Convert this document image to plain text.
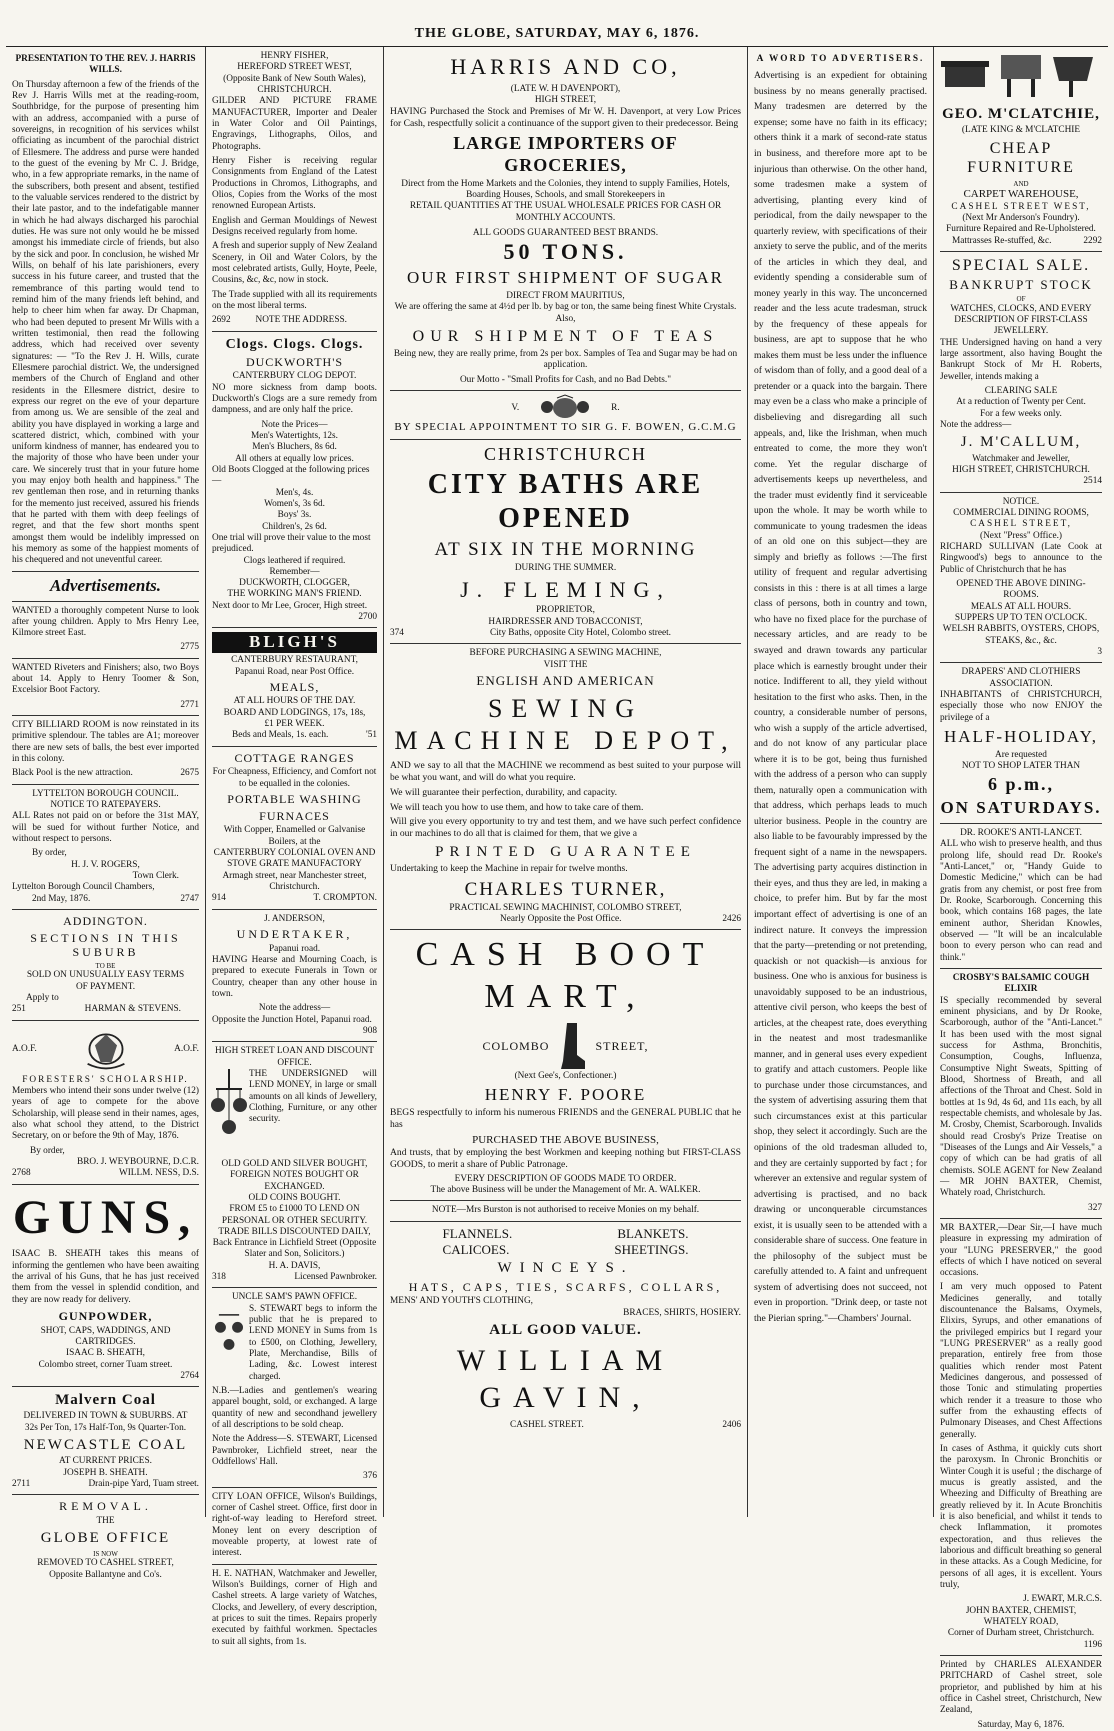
THE GLOBE, SATURDAY, MAY 6, 1876.
PRESENTATION TO THE REV. J. HARRIS WILLS.

On Thursday afternoon a few of the friends of the Rev J. Harris Wills met at the reading-room, Southbridge, for the purpose of presenting him with an address, accompanied with a purse of sovereigns, in recognition of his services whilst officiating as incumbent of the parochial district of Ellesmere. The address and purse were handed to the guest of the evening by Mr C. J. Bridge, who, in a few appropriate remarks, in the name of the subscribers, both present and absent, testified to the valuable services rendered to the district by their late pastor, and to the indefatigable manner in which he had always discharged his parochial duties. He was sure not only would he be missed amongst his immediate circle of friends, but also by the sick and poor. In conclusion, he wished Mr Wills, on behalf of his late parishioners, every success in his future career, and trusted that the remembrance of this parting would tend to remind him of the many friends left behind, and help to cheer him when far away. Dr Chapman, who had been deputed to present Mr Wills with a written testimonial, then read the following address, which had received over seventy signatures: — "To the Rev J. H. Wills, curate Ellesmere parochial district. We, the undersigned members of the Church of England and other residents in the Ellesmere district, desire to express our regret on the eve of your departure from among us. We are sensible of the zeal and ability you have displayed in working a large and scattered district, which, combined with your uniform kindness of manner, has endeared you to the majority of those who have been under your care. We sincerely trust that in your future home you may enjoy both health and happiness." The rev gentleman then rose, and in returning thanks for the memento just received, assured his friends that he parted with them with deep feelings of regret, and that the few short months spent amongst them would be indelibly impressed on his memory as some of the happiest moments of his chequered and not uneventful career.

Advertisements.

WANTED a thoroughly competent Nurse to look after young children. Apply to Mrs Henry Lee, Kilmore street East.

2775

WANTED Riveters and Finishers; also, two Boys about 14. Apply to Henry Toomer & Son, Excelsior Boot Factory.

2771

CITY BILLIARD ROOM is now reinstated in its primitive splendour. The tables are A1; moreover there are new sets of balls, the best ever imported in this colony.

Black Pool is the new attraction.	2675
LYTTELTON BOROUGH COUNCIL.
NOTICE TO RATEPAYERS.

ALL Rates not paid on or before the 31st MAY, will be sued for without further Notice, and without respect to persons.

By order,
H. J. V. ROGERS,
Town Clerk.
Lyttelton Borough Council Chambers,
2nd May, 1876.	2747
ADDINGTON.
SECTIONS IN THIS SUBURB
TO BE
SOLD ON UNUSUALLY EASY TERMS
OF PAYMENT.
Apply to
251	HARMAN & STEVENS.
A.O.F.	A.O.F.
FORESTERS' SCHOLARSHIP.

Members who intend their sons under twelve (12) years of age to compete for the above Scholarship, will please send in their names, ages, also what school they attend, to the District Secretary, on or before the 9th of May, 1876.

By order,
BRO. J. WEYBOURNE, D.C.R.
2768	WILLM. NESS, D.S.
GUNS,

ISAAC B. SHEATH takes this means of informing the gentlemen who have been awaiting the arrival of his Guns, that he has just received them from the vessel in splendid condition, and they are now ready for delivery.

GUNPOWDER,
SHOT, CAPS, WADDINGS, AND CARTRIDGES.
ISAAC B. SHEATH,
Colombo street, corner Tuam street.
2764
Malvern Coal
DELIVERED IN TOWN & SUBURBS. AT
32s Per Ton, 17s Half-Ton, 9s Quarter-Ton.
NEWCASTLE COAL
AT CURRENT PRICES.
JOSEPH B. SHEATH.
2711	Drain-pipe Yard, Tuam street.
REMOVAL.
THE
GLOBE OFFICE
IS NOW
REMOVED TO CASHEL STREET,
Opposite Ballantyne and Co's.
HENRY FISHER,
HEREFORD STREET WEST,
(Opposite Bank of New South Wales),
CHRISTCHURCH.

GILDER AND PICTURE FRAME MANUFACTURER, Importer and Dealer in Water Color and Oil Paintings, Engravings, Lithographs, Oilos, and Photographs.

Henry Fisher is receiving regular Consignments from England of the Latest Productions in Chromos, Lithographs, and Olios, Copies from the Works of the most renowned European Artists.

English and German Mouldings of Newest Designs received regularly from home.

A fresh and superior supply of New Zealand Scenery, in Oil and Water Colors, by the most celebrated artists, Gully, Hoyte, Peele, Cousins, &c, &c, now in stock.

The Trade supplied with all its requirements on the most liberal terms.

2692	NOTE THE ADDRESS.
Clogs. Clogs. Clogs.
DUCKWORTH'S
CANTERBURY CLOG DEPOT.

NO more sickness from damp boots. Duckworth's Clogs are a sure remedy from dampness, and are only half the price.

Note the Prices—
Men's Watertights, 12s.
Men's Bluchers, 8s 6d.
All others at equally low prices.
Old Boots Clogged at the following prices—
Men's, 4s.
Women's, 3s 6d.
Boys' 3s.
Children's, 2s 6d.
One trial will prove their value to the most prejudiced.
Clogs leathered if required.
Remember—
DUCKWORTH, CLOGGER,
THE WORKING MAN'S FRIEND.
Next door to Mr Lee, Grocer, High street.
2700
BLIGH'S
CANTERBURY RESTAURANT,
Papanui Road, near Post Office.
MEALS,
AT ALL HOURS OF THE DAY.
BOARD AND LODGINGS, 17s, 18s,
£1 PER WEEK.
Beds and Meals, 1s. each.	'51
COTTAGE RANGES
For Cheapness, Efficiency, and Comfort not to be equalled in the colonies.
PORTABLE WASHING
FURNACES
With Copper, Enamelled or Galvanise Boilers, at the
CANTERBURY COLONIAL OVEN AND
STOVE GRATE MANUFACTORY
Armagh street, near Manchester street, Christchurch.
914	T. CROMPTON.
J. ANDERSON,
UNDERTAKER,
Papanui road.

HAVING Hearse and Mourning Coach, is prepared to execute Funerals in Town or Country, cheaper than any other house in town.

Note the address—
Opposite the Junction Hotel, Papanui road.
908
HIGH STREET LOAN AND DISCOUNT OFFICE.

THE UNDERSIGNED will LEND MONEY, in large or small amounts on all kinds of Jewellery, Clothing, Furniture, or any other security.

OLD GOLD AND SILVER BOUGHT, FOREIGN NOTES BOUGHT OR EXCHANGED.
OLD COINS BOUGHT.
FROM £5 to £1000 TO LEND ON PERSONAL OR OTHER SECURITY.
TRADE BILLS DISCOUNTED DAILY,
Back Entrance in Lichfield Street (Opposite Slater and Son, Solicitors.)
H. A. DAVIS,
318	Licensed Pawnbroker.
UNCLE SAM'S PAWN OFFICE.

S. STEWART begs to inform the public that he is prepared to LEND MONEY in Sums from 1s to £500, on Clothing, Jewellery, Plate, Merchandise, Bills of Lading, &c. Lowest interest charged.

N.B.—Ladies and gentlemen's wearing apparel bought, sold, or exchanged. A large quantity of new and secondhand jewellery of all descriptions to be sold cheap.

Note the Address—S. STEWART, Licensed Pawnbroker, Lichfield street, near the Oddfellows' Hall.

376

CITY LOAN OFFICE, Wilson's Buildings, corner of Cashel street. Office, first door in right-of-way leading to Hereford street. Money lent on every description of moveable property, at lowest rate of interest.

H. E. NATHAN, Watchmaker and Jeweller, Wilson's Buildings, corner of High and Cashel streets. A large variety of Watches, Clocks, and Jewellery, of every description, at prices to suit the times. Repairs properly executed by faithful workmen. Spectacles to suit all sights, from 1s.

HARRIS AND CO,
(LATE W. H DAVENPORT),
HIGH STREET,

HAVING Purchased the Stock and Premises of Mr W. H. Davenport, at very Low Prices for Cash, respectfully solicit a continuance of the support given to their predecessor. Being

LARGE IMPORTERS OF GROCERIES,
Direct from the Home Markets and the Colonies, they intend to supply Families, Hotels, Boarding Houses, Schools, and small Storekeepers in
RETAIL QUANTITIES AT THE USUAL WHOLESALE PRICES FOR CASH OR MONTHLY ACCOUNTS.
ALL GOODS GUARANTEED BEST BRANDS.
50 TONS.
OUR FIRST SHIPMENT OF SUGAR
DIRECT FROM MAURITIUS,
We are offering the same at 4½d per lb. by bag or ton, the same being finest White Crystals. Also,
OUR SHIPMENT OF TEAS
Being new, they are really prime, from 2s per box. Samples of Tea and Sugar may be had on application.
Our Motto - "Small Profits for Cash, and no Bad Debts."
V.	R.
BY SPECIAL APPOINTMENT TO SIR G. F. BOWEN, G.C.M.G
CHRISTCHURCH
CITY BATHS ARE OPENED
AT SIX IN THE MORNING
DURING THE SUMMER.
J. FLEMING,
PROPRIETOR,
HAIRDRESSER AND TOBACCONIST,
374	City Baths, opposite City Hotel, Colombo street.
BEFORE PURCHASING A SEWING MACHINE,
VISIT THE
ENGLISH AND AMERICAN
SEWING MACHINE DEPOT,

AND we say to all that the MACHINE we recommend as best suited to your purpose will be what you want, and will do what you require.

We will guarantee their perfection, durability, and capacity.

We will teach you how to use them, and how to take care of them.

Will give you every opportunity to try and test them, and we have such perfect confidence in our machines to do all that is claimed for them, that we give a

PRINTED GUARANTEE

Undertaking to keep the Machine in repair for twelve months.

CHARLES TURNER,
PRACTICAL SEWING MACHINIST, COLOMBO STREET,
Nearly Opposite the Post Office.	2426
CASH BOOT MART,
COLOMBO	STREET,
(Next Gee's, Confectioner.)
HENRY F. POORE

BEGS respectfully to inform his numerous FRIENDS and the GENERAL PUBLIC that he has

PURCHASED THE ABOVE BUSINESS,

And trusts, that by employing the best Workmen and keeping nothing but FIRST-CLASS GOODS, to merit a share of Public Patronage.

EVERY DESCRIPTION OF GOODS MADE TO ORDER.
The above Business will be under the Management of Mr. A. WALKER.
NOTE—Mrs Burston is not authorised to receive Monies on my behalf.
FLANNELS.	BLANKETS.
CALICOES.	SHEETINGS.
WINCEYS.
HATS, CAPS, TIES, SCARFS, COLLARS,
MENS' AND YOUTH'S CLOTHING,
BRACES, SHIRTS, HOSIERY.
ALL GOOD VALUE.
WILLIAM GAVIN,
CASHEL STREET.	2406
A WORD TO ADVERTISERS.

Advertising is an expedient for obtaining business by no means generally practised. Many tradesmen are deterred by the expense; some have no faith in its efficacy; others think it a mark of second-rate status in business, and therefore more apt to be injurious than otherwise. On the other hand, some tradesmen make a system of advertising, planting every kind of periodical, from the daily newspaper to the quarterly review, with specifications of their anxiety to serve the public, and of the merits of the articles in which they deal, and evidently spending a considerable sum of money yearly in this way. The unconcerned reader and the less acute tradesman, struck by the frequency of these appeals for business, are apt to suppose that he who makes them must be less under the influence of wisdom than of folly, and a good deal of a pretender or a quack into the bargain. There may even be a class who make a principle of disbelieving and disregarding all such appeals, and, like the Irishman, when much entreated to come, the more they won't come. Yet the regular discharge of advertisements keeps up nevertheless, and the trader must evidently find it serviceable upon the whole. It may be worth while to communicate to young tradesmen the ideas of an old one on this subject—they are simply and briefly as follows :—The first utility of frequent and regular advertising consists in this : there is at all times a large class of persons, both in country and town, who have no fixed place for the purchase of necessary articles, and are ready to be swayed and drawn towards any particular place which is earnestly brought under their notice. Indifferent to all, they yield without hesitation to the first who asks. Then, in the country, a considerable number of persons, who wish a supply of the article advertised, and do not know of any particular place where it is to be got, being thus furnished with the address of a person who can supply them, naturally open a communication with that address, which perhaps leads to much ulterior business. People in the country are also liable to be favourably impressed by the frequent sight of a name in the newspapers. The advertising party acquires distinction in their eyes, and thus they are led, in making a choice, to prefer him. But by far the most important effect of advertising is one of an indirect nature. It conveys the impression that the party—pretending or not pretending, quackish or not quackish—is anxious for business. One who is anxious for business is unavoidably supposed to be an industrious, attentive civil person, who keeps the best of articles, at the cheapest rate, does everything in the neatest and most tradesmanlike manner, and in general uses every expedient to gratify and attach customers. People like to purchase under those circumstances, and the system of advertising assuring them that such circumstances exist at this particular shop, they select it accordingly. Such are the opinions of the old tradesman alluded to, and they are certainly supported by fact ; for wherever an extensive and regular system of advertising is practised, and no back drawing or unconquerable circumstances exist, it is usually seen to be attended with a considerable share of success. One feature in the philosophy of the subject must be carefully attended to. A faint and unfrequent system of advertising does not succeed, not even in proportion. "Drink deep, or taste not the Pierian spring."—Chambers' Journal.

GEO. M'CLATCHIE,
(LATE KING & M'CLATCHIE
CHEAP FURNITURE
AND
CARPET WAREHOUSE,
CASHEL STREET WEST,
(Next Mr Anderson's Foundry).
Furniture Repaired and Re-Upholstered.
Mattrasses Re-stuffed, &c.	2292
SPECIAL SALE.
BANKRUPT STOCK
OF
WATCHES, CLOCKS, AND EVERY DESCRIPTION OF FIRST-CLASS JEWELLERY.

THE Undersigned having on hand a very large assortment, also having Bought the Bankrupt Stock of Mr H. Roberts, Jeweller, intends making a

CLEARING SALE
At a reduction of Twenty per Cent.
For a few weeks only.
Note the address—
J. M'CALLUM,
Watchmaker and Jeweller,
HIGH STREET, CHRISTCHURCH.
2514
NOTICE.
COMMERCIAL DINING ROOMS,
CASHEL STREET,
(Next "Press" Office.)

RICHARD SULLIVAN (Late Cook at Ringwood's) begs to announce to the Public of Christchurch that he has

OPENED THE ABOVE DINING-ROOMS.
MEALS AT ALL HOURS.
SUPPERS UP TO TEN O'CLOCK.
WELSH RABBITS, OYSTERS, CHOPS, STEAKS, &c., &c.
3
DRAPERS' AND CLOTHIERS ASSOCIATION.

INHABITANTS of CHRISTCHURCH, especially those who now ENJOY the privilege of a

HALF-HOLIDAY,
Are requested
NOT TO SHOP LATER THAN
6 p.m.,
ON SATURDAYS.
DR. ROOKE'S ANTI-LANCET.

ALL who wish to preserve health, and thus prolong life, should read Dr. Rooke's "Anti-Lancet," or, "Handy Guide to Domestic Medicine," which can be had gratis from any chemist, or post free from Dr. Rooke, Scarborough. Concerning this book, which contains 168 pages, the late eminent author, Sheridan Knowles, observed — "It will be an incalculable boon to every person who can read and think."

CROSBY'S BALSAMIC COUGH ELIXIR

IS specially recommended by several eminent physicians, and by Dr Rooke, Scarborough, author of the "Anti-Lancet." It has been used with the most signal success for Asthma, Bronchitis, Consumption, Coughs, Influenza, Consumptive Night Sweats, Spitting of Blood, Shortness of Breath, and all affections of the Throat and Chest. Sold in bottles at 1s 9d, 4s 6d, and 11s each, by all respectable chemists, and wholesale by Jas. M. Crosby, Chemist, Scarborough. Invalids should read Crosby's Prize Treatise on "Diseases of the Lungs and Air Vessels," a copy of which can be had gratis of all chemists. SOLE AGENT for New Zealand — MR JOHN BAXTER, Chemist, Whately road, Christchurch.

327

MR BAXTER,—Dear Sir,—I have much pleasure in expressing my admiration of your "LUNG PRESERVER," the good effects of which I have noticed on several occasions.

I am very much opposed to Patent Medicines generally, and totally discountenance the Balsams, Oxymels, Elixirs, Syrups, and other emanations of the privileged empirics but I regard your "LUNG PRESERVER" as a really good preparation, entirely free from those qualities which render most Patent Medicines dangerous, and possessed of those Tonic and stimulating properties which render it a treasure to those who suffer from the exhausting effects of Pulmonary Diseases, and Chest Affections generally.

In cases of Asthma, it quickly cuts short the paroxysm. In Chronic Bronchitis or Winter Cough it is useful ; the discharge of mucus is greatly assisted, and the Wheezing and Difficulty of Breathing are greatly relieved by it. In Acute Bronchitis it is also beneficial, and whilst it tends to check Inflammation, it promotes expectoration, and thus relieves the laborious and difficult breathing so general in these attacks. As a Cough Medicine, for persons of all ages, it is excellent. Yours truly,

J. EWART, M.R.C.S.
JOHN BAXTER, CHEMIST,
WHATELY ROAD,
Corner of Durham street, Christchurch.
1196

Printed by CHARLES ALEXANDER PRITCHARD of Cashel street, sole proprietor, and published by him at his office in Cashel street, Christchurch, New Zealand,

Saturday, May 6, 1876.
